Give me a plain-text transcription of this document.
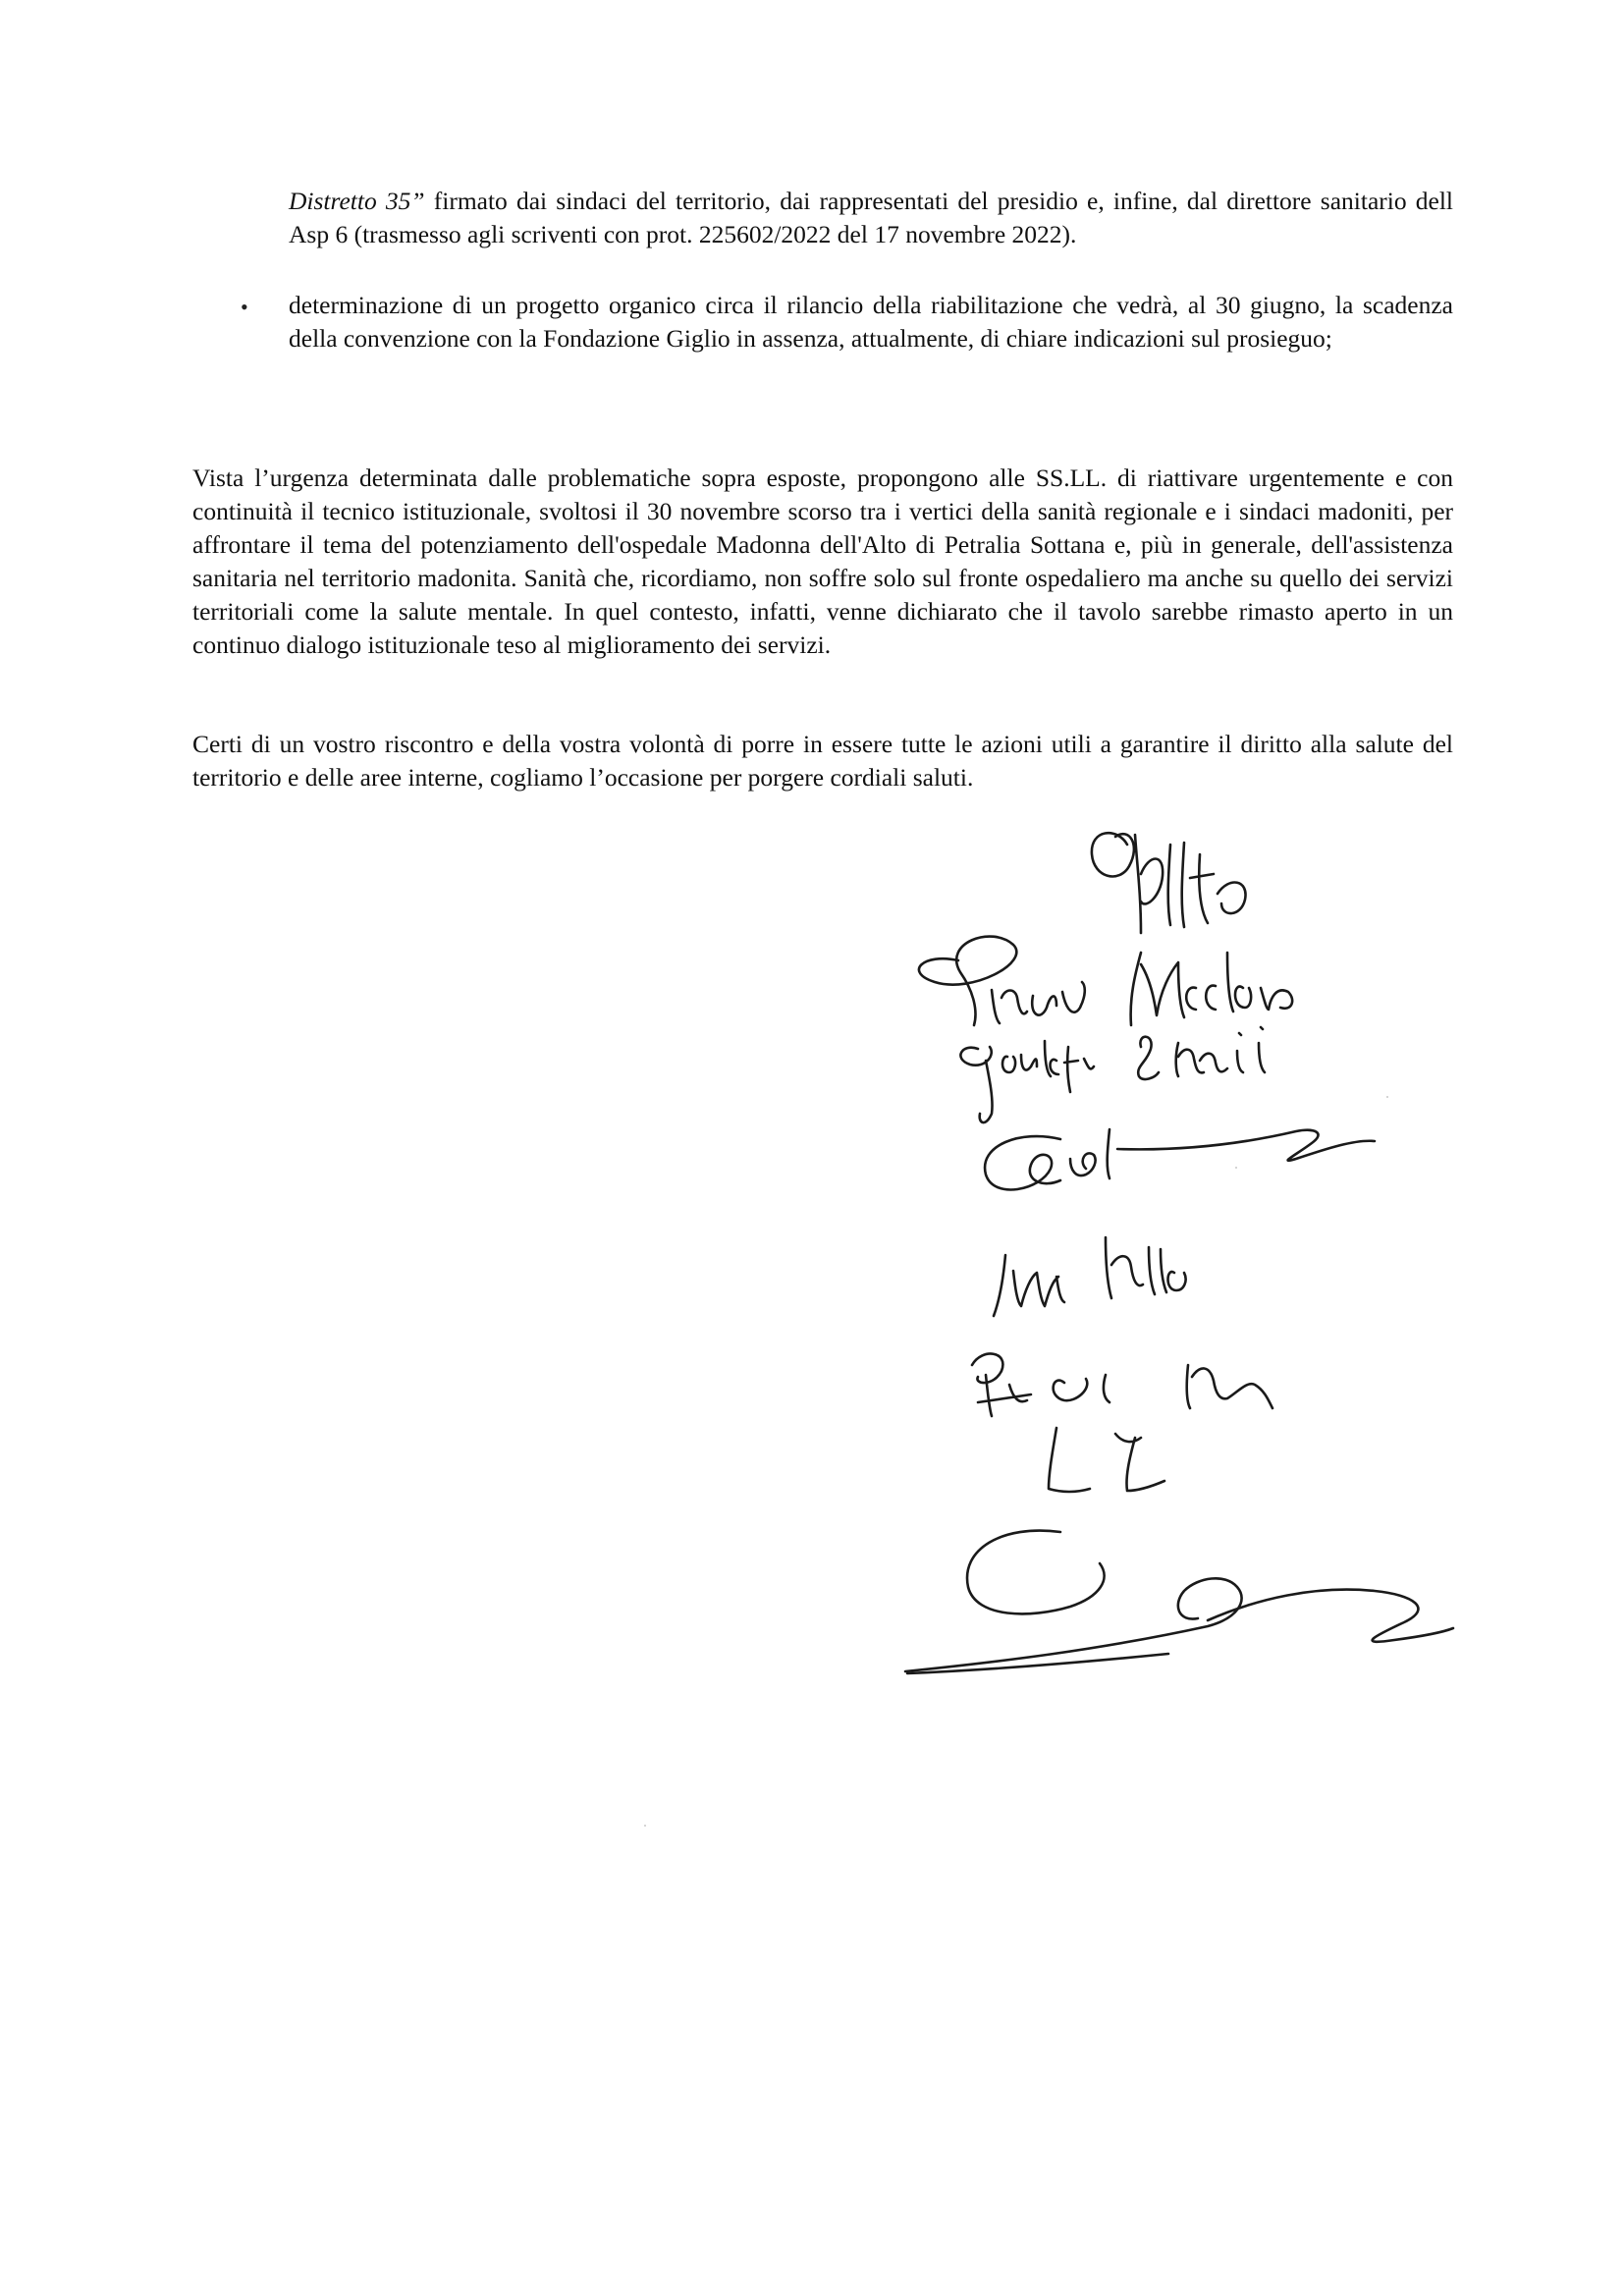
Distretto 35” firmato dai sindaci del territorio, dai rappresentati del presidio e, infine, dal direttore sanitario dell Asp 6 (trasmesso agli scriventi con prot. 225602/2022 del 17 novembre 2022).

• determinazione di un progetto organico circa il rilancio della riabilitazione che vedrà, al 30 giugno, la scadenza della convenzione con la Fondazione Giglio in assenza, attualmente, di chiare indicazioni sul prosieguo;

Vista l’urgenza determinata dalle problematiche sopra esposte, propongono alle SS.LL. di riattivare urgentemente e con continuità il tecnico istituzionale, svoltosi il 30 novembre scorso tra i vertici della sanità regionale e i sindaci madoniti, per affrontare il tema del potenziamento dell'ospedale Madonna dell'Alto di Petralia Sottana e, più in generale, dell'assistenza sanitaria nel territorio madonita. Sanità che, ricordiamo, non soffre solo sul fronte ospedaliero ma anche su quello dei servizi territoriali come la salute mentale. In quel contesto, infatti, venne dichiarato che il tavolo sarebbe rimasto aperto in un continuo dialogo istituzionale teso al miglioramento dei servizi.

Certi di un vostro riscontro e della vostra volontà di porre in essere tutte le azioni utili a garantire il diritto alla salute del territorio e delle aree interne, cogliamo l’occasione per porgere cordiali saluti.
